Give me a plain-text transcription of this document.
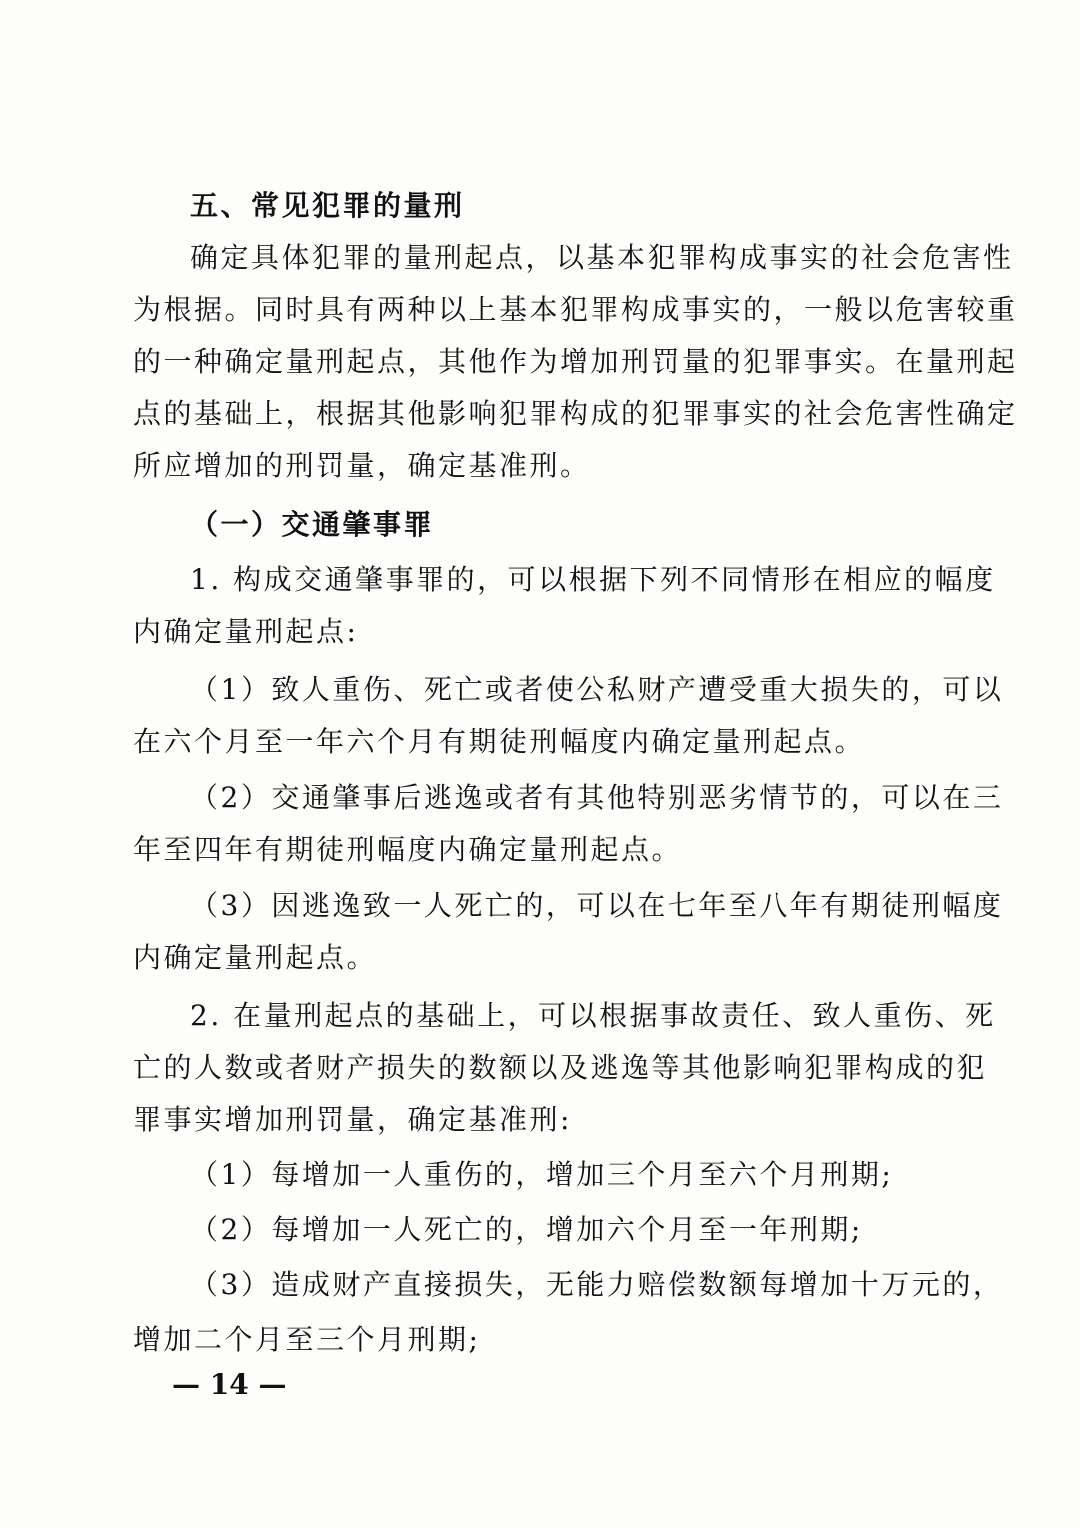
五、常见犯罪的量刑
确定具体犯罪的量刑起点，以基本犯罪构成事实的社会危害性
为根据。同时具有两种以上基本犯罪构成事实的，一般以危害较重
的一种确定量刑起点，其他作为增加刑罚量的犯罪事实。在量刑起
点的基础上，根据其他影响犯罪构成的犯罪事实的社会危害性确定
所应增加的刑罚量，确定基准刑。
（一）交通肇事罪
1. 构成交通肇事罪的，可以根据下列不同情形在相应的幅度
内确定量刑起点:
（1）致人重伤、死亡或者使公私财产遭受重大损失的，可以
在六个月至一年六个月有期徒刑幅度内确定量刑起点。
（2）交通肇事后逃逸或者有其他特别恶劣情节的，可以在三
年至四年有期徒刑幅度内确定量刑起点。
（3）因逃逸致一人死亡的，可以在七年至八年有期徒刑幅度
内确定量刑起点。
2. 在量刑起点的基础上，可以根据事故责任、致人重伤、死
亡的人数或者财产损失的数额以及逃逸等其他影响犯罪构成的犯
罪事实增加刑罚量，确定基准刑:
（1）每增加一人重伤的，增加三个月至六个月刑期;
（2）每增加一人死亡的，增加六个月至一年刑期;
（3）造成财产直接损失，无能力赔偿数额每增加十万元的，
增加二个月至三个月刑期;
— 14 —
